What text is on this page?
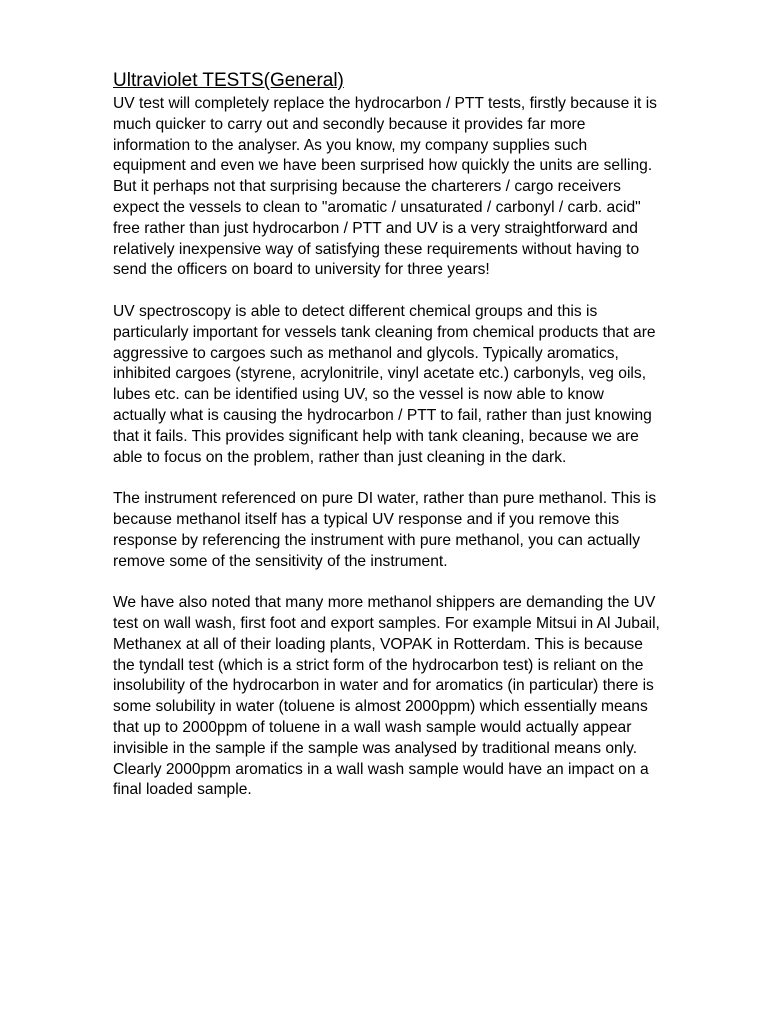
Ultraviolet TESTS(General)

UV test will completely replace the hydrocarbon / PTT tests, firstly because it is much quicker to carry out and secondly because it provides far more information to the analyser. As you know, my company supplies such equipment and even we have been surprised how quickly the units are selling. But it perhaps not that surprising because the charterers / cargo receivers expect the vessels to clean to "aromatic / unsaturated / carbonyl / carb. acid" free rather than just hydrocarbon / PTT and UV is a very straightforward and relatively inexpensive way of satisfying these requirements without having to send the officers on board to university for three years!

UV spectroscopy is able to detect different chemical groups and this is particularly important for vessels tank cleaning from chemical products that are aggressive to cargoes such as methanol and glycols. Typically aromatics, inhibited cargoes (styrene, acrylonitrile, vinyl acetate etc.) carbonyls, veg oils, lubes etc. can be identified using UV, so the vessel is now able to know actually what is causing the hydrocarbon / PTT to fail, rather than just knowing that it fails. This provides significant help with tank cleaning, because we are able to focus on the problem, rather than just cleaning in the dark.

The instrument referenced on pure DI water, rather than pure methanol. This is because methanol itself has a typical UV response and if you remove this response by referencing the instrument with pure methanol, you can actually remove some of the sensitivity of the instrument.

We have also noted that many more methanol shippers are demanding the UV test on wall wash, first foot and export samples. For example Mitsui in Al Jubail, Methanex at all of their loading plants, VOPAK in Rotterdam. This is because the tyndall test (which is a strict form of the hydrocarbon test) is reliant on the insolubility of the hydrocarbon in water and for aromatics (in particular) there is some solubility in water (toluene is almost 2000ppm) which essentially means that up to 2000ppm of toluene in a wall wash sample would actually appear invisible in the sample if the sample was analysed by traditional means only. Clearly 2000ppm aromatics in a wall wash sample would have an impact on a final loaded sample.
